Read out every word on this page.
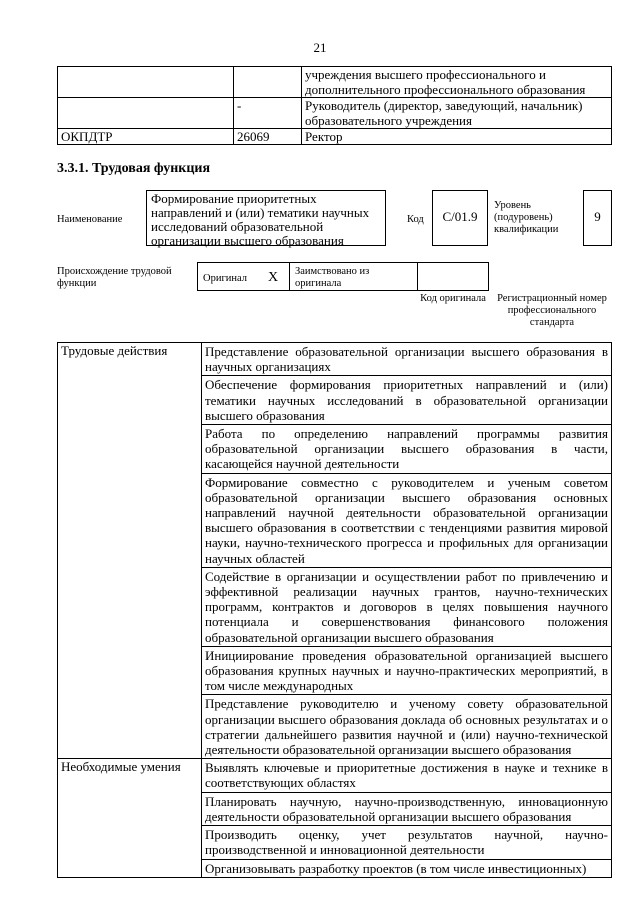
21
		учреждения высшего профессионального и дополнительного профессионального образования
	-	Руководитель (директор, заведующий, начальник) образовательного учреждения
ОКПДТР	26069	Ректор
3.3.1. Трудовая функция
Наименование
Формирование приоритетных направлений и (или) тематики научных исследований образовательной организации высшего образования
Код	С/01.9
Уровень (подуровень) квалификации
9
Происхождение трудовой функции	Оригинал X Заимствовано из оригинала
Код оригинала	Регистрационный номер профессионального стандарта
Трудовые действия	Представление образовательной организации высшего образования в научных организациях
	Обеспечение формирования приоритетных направлений и (или) тематики научных исследований в образовательной организации высшего образования
	Работа по определению направлений программы развития образовательной организации высшего образования в части, касающейся научной деятельности
	Формирование совместно с руководителем и ученым советом образовательной организации высшего образования основных направлений научной деятельности образовательной организации высшего образования в соответствии с тенденциями развития мировой науки, научно-технического прогресса и профильных для организации научных областей
	Содействие в организации и осуществлении работ по привлечению и эффективной реализации научных грантов, научно-технических программ, контрактов и договоров в целях повышения научного потенциала и совершенствования финансового положения образовательной организации высшего образования
	Инициирование проведения образовательной организацией высшего образования крупных научных и научно-практических мероприятий, в том числе международных
	Представление руководителю и ученому совету образовательной организации высшего образования доклада об основных результатах и о стратегии дальнейшего развития научной и (или) научно-технической деятельности образовательной организации высшего образования
Необходимые умения	Выявлять ключевые и приоритетные достижения в науке и технике в соответствующих областях
	Планировать научную, научно-производственную, инновационную деятельности образовательной организации высшего образования
	Производить оценку, учет результатов научной, научно-производственной и инновационной деятельности
	Организовывать разработку проектов (в том числе инвестиционных)
